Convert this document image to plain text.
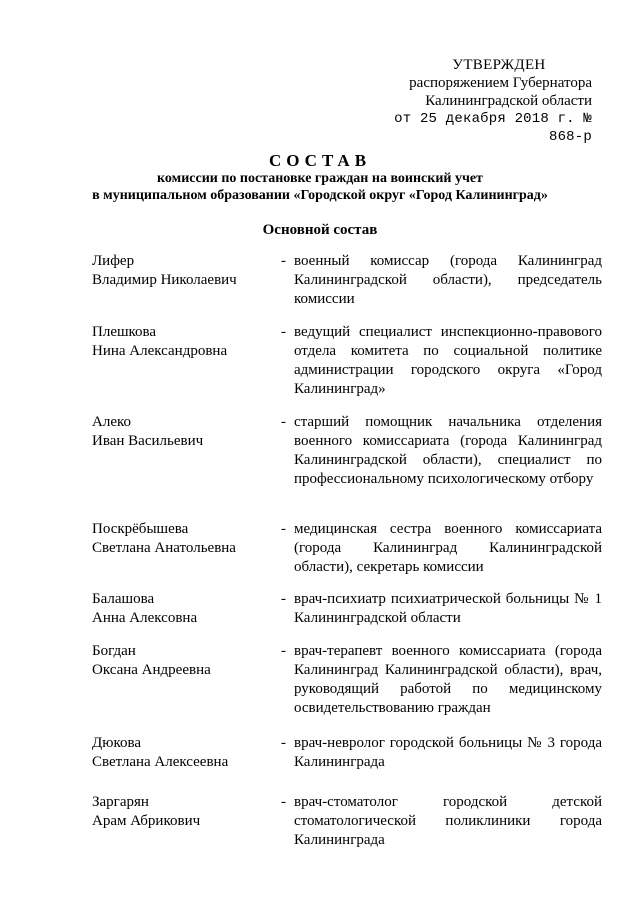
УТВЕРЖДЕН
распоряжением Губернатора
Калининградской области
от 25 декабря 2018 г. № 868-р
СОСТАВ
комиссии по постановке граждан на воинский учет
в муниципальном образовании «Городской округ «Город Калининград»
Основной состав
Лифер
Владимир Николаевич
- военный комиссар (города Калининград Калининградской области), председатель комиссии
Плешкова
Нина Александровна
- ведущий специалист инспекционно-правового отдела комитета по социальной политике администрации городского округа «Город Калининград»
Алеко
Иван Васильевич
- старший помощник начальника отделения военного комиссариата (города Калининград Калининградской области), специалист по профессиональному психологическому отбору
Поскрёбышева
Светлана Анатольевна
- медицинская сестра военного комиссариата (города Калининград Калининградской области), секретарь комиссии
Балашова
Анна Алексовна
- врач-психиатр психиатрической больницы № 1 Калининградской области
Богдан
Оксана Андреевна
- врач-терапевт военного комиссариата (города Калининград Калининградской области), врач, руководящий работой по медицинскому освидетельствованию граждан
Дюкова
Светлана Алексеевна
- врач-невролог городской больницы № 3 города Калининграда
Заргарян
Арам Абрикович
- врач-стоматолог городской детской стоматологической поликлиники города Калининграда
